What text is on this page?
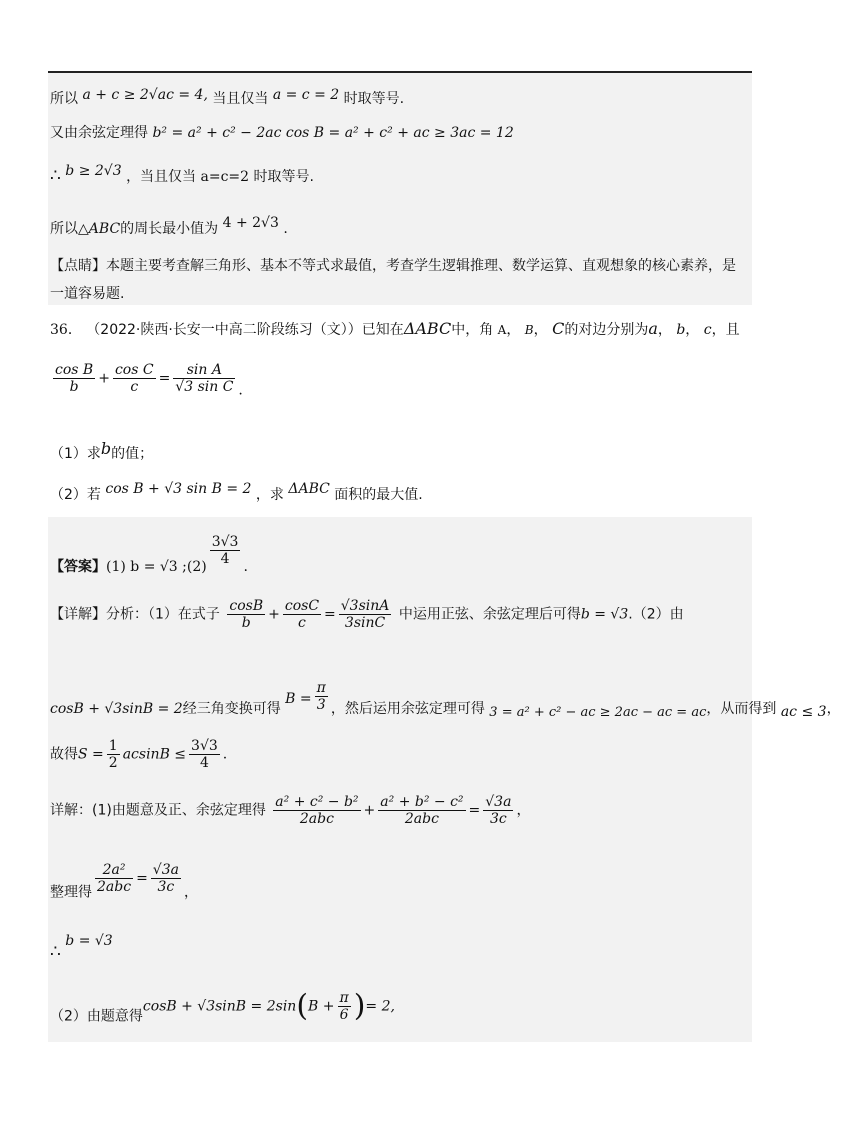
所以 a + c ≥ 2√ac = 4, 当且仅当 a = c = 2 时取等号.
又由余弦定理得 b² = a² + c² − 2ac cos B = a² + c² + ac ≥ 3ac = 12
∴ b ≥ 2√3 ，当且仅当 a=c=2 时取等号.
所以△ABC的周长最小值为 4 + 2√3 .
【点睛】本题主要考查解三角形、基本不等式求最值，考查学生逻辑推理、数学运算、直观想象的核心素养，是
一道容易题.
36． （2022·陕西·长安一中高二阶段练习（文））已知在ΔABC中，角 A， B， C的对边分别为a， b， c，且
$\frac{\text{cos B}}{b} + \frac{\text{cos C}}{c} = \frac{\text{sin A}}{\text{√3 sin C}}$ .
（1）求b的值；
（2）若 cos B + √3 sin B = 2 ，求 ΔABC 面积的最大值.
【答案】(1) b = √3 ;(2) $\frac{3√3}{4}$ .
【详解】分析：（1）在式子 $\frac{\cos B}{b} + \frac{\cos C}{c} = \frac{√3\sin A}{3\sin C}$ 中运用正弦、余弦定理后可得b = √3.（2）由
cosB + √3sinB = 2经三角变换可得 $B = \frac{\pi}{3}$ ，然后运用余弦定理可得 3 = a² + c² − ac ≥ 2ac − ac = ac，从而得到 ac ≤ 3，
故得$S = \frac{1}{2}$ $acsinB \le \frac{3√3}{4}$ .
详解：(1)由题意及正、余弦定理得 $\frac{\text{a² + c² − b²}}{\text{2abc}} + \frac{\text{a² + b² − c²}}{\text{2abc}} = \frac{√3a}{3c}$ ，
整理得 $\frac{\text{2a²}}{\text{2abc}} = \frac{√3a}{3c}$ ，
∴ b = √3
（2）由题意得$\cos B + √3\sin B = 2\sin(B + \frac{\pi}{6}$ )= 2,
